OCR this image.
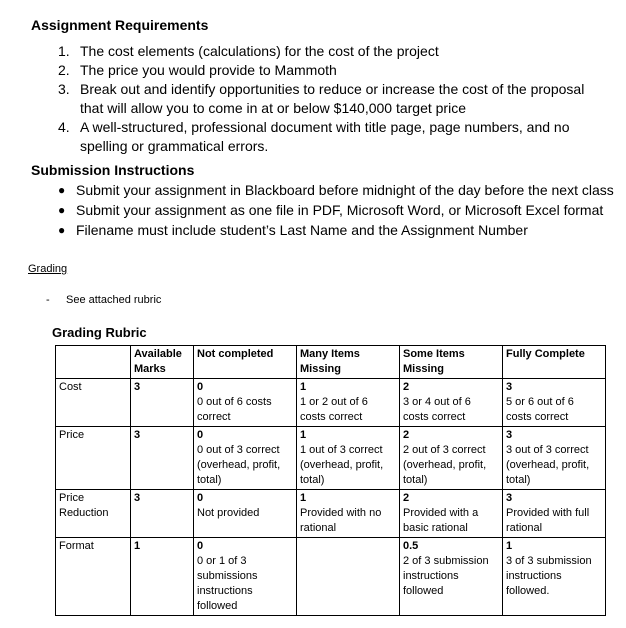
Assignment Requirements
1. The cost elements (calculations) for the cost of the project
2. The price you would provide to Mammoth
3. Break out and identify opportunities to reduce or increase the cost of the proposal that will allow you to come in at or below $140,000 target price
4. A well-structured, professional document with title page, page numbers, and no spelling or grammatical errors.
Submission Instructions
● Submit your assignment in Blackboard before midnight of the day before the next class
● Submit your assignment as one file in PDF, Microsoft Word, or Microsoft Excel format
● Filename must include student’s Last Name and the Assignment Number
Grading
-	See attached rubric
Grading Rubric
	Available Marks	Not completed	Many Items Missing	Some Items Missing	Fully Complete
Cost	3	0
0 out of 6 costs correct	1
1 or 2 out of 6 costs correct	2
3 or 4 out of 6 costs correct	3
5 or 6 out of 6 costs correct
Price	3	0
0 out of 3 correct (overhead, profit, total)	1
1 out of 3 correct (overhead, profit, total)	2
2 out of 3 correct (overhead, profit, total)	3
3 out of 3 correct (overhead, profit, total)
Price Reduction	3	0
Not provided	1
Provided with no rational	2
Provided with a basic rational	3
Provided with full rational
Format	1	0
0 or 1 of 3 submissions instructions followed		0.5
2 of 3 submission instructions followed	1
3 of 3 submission instructions followed.
